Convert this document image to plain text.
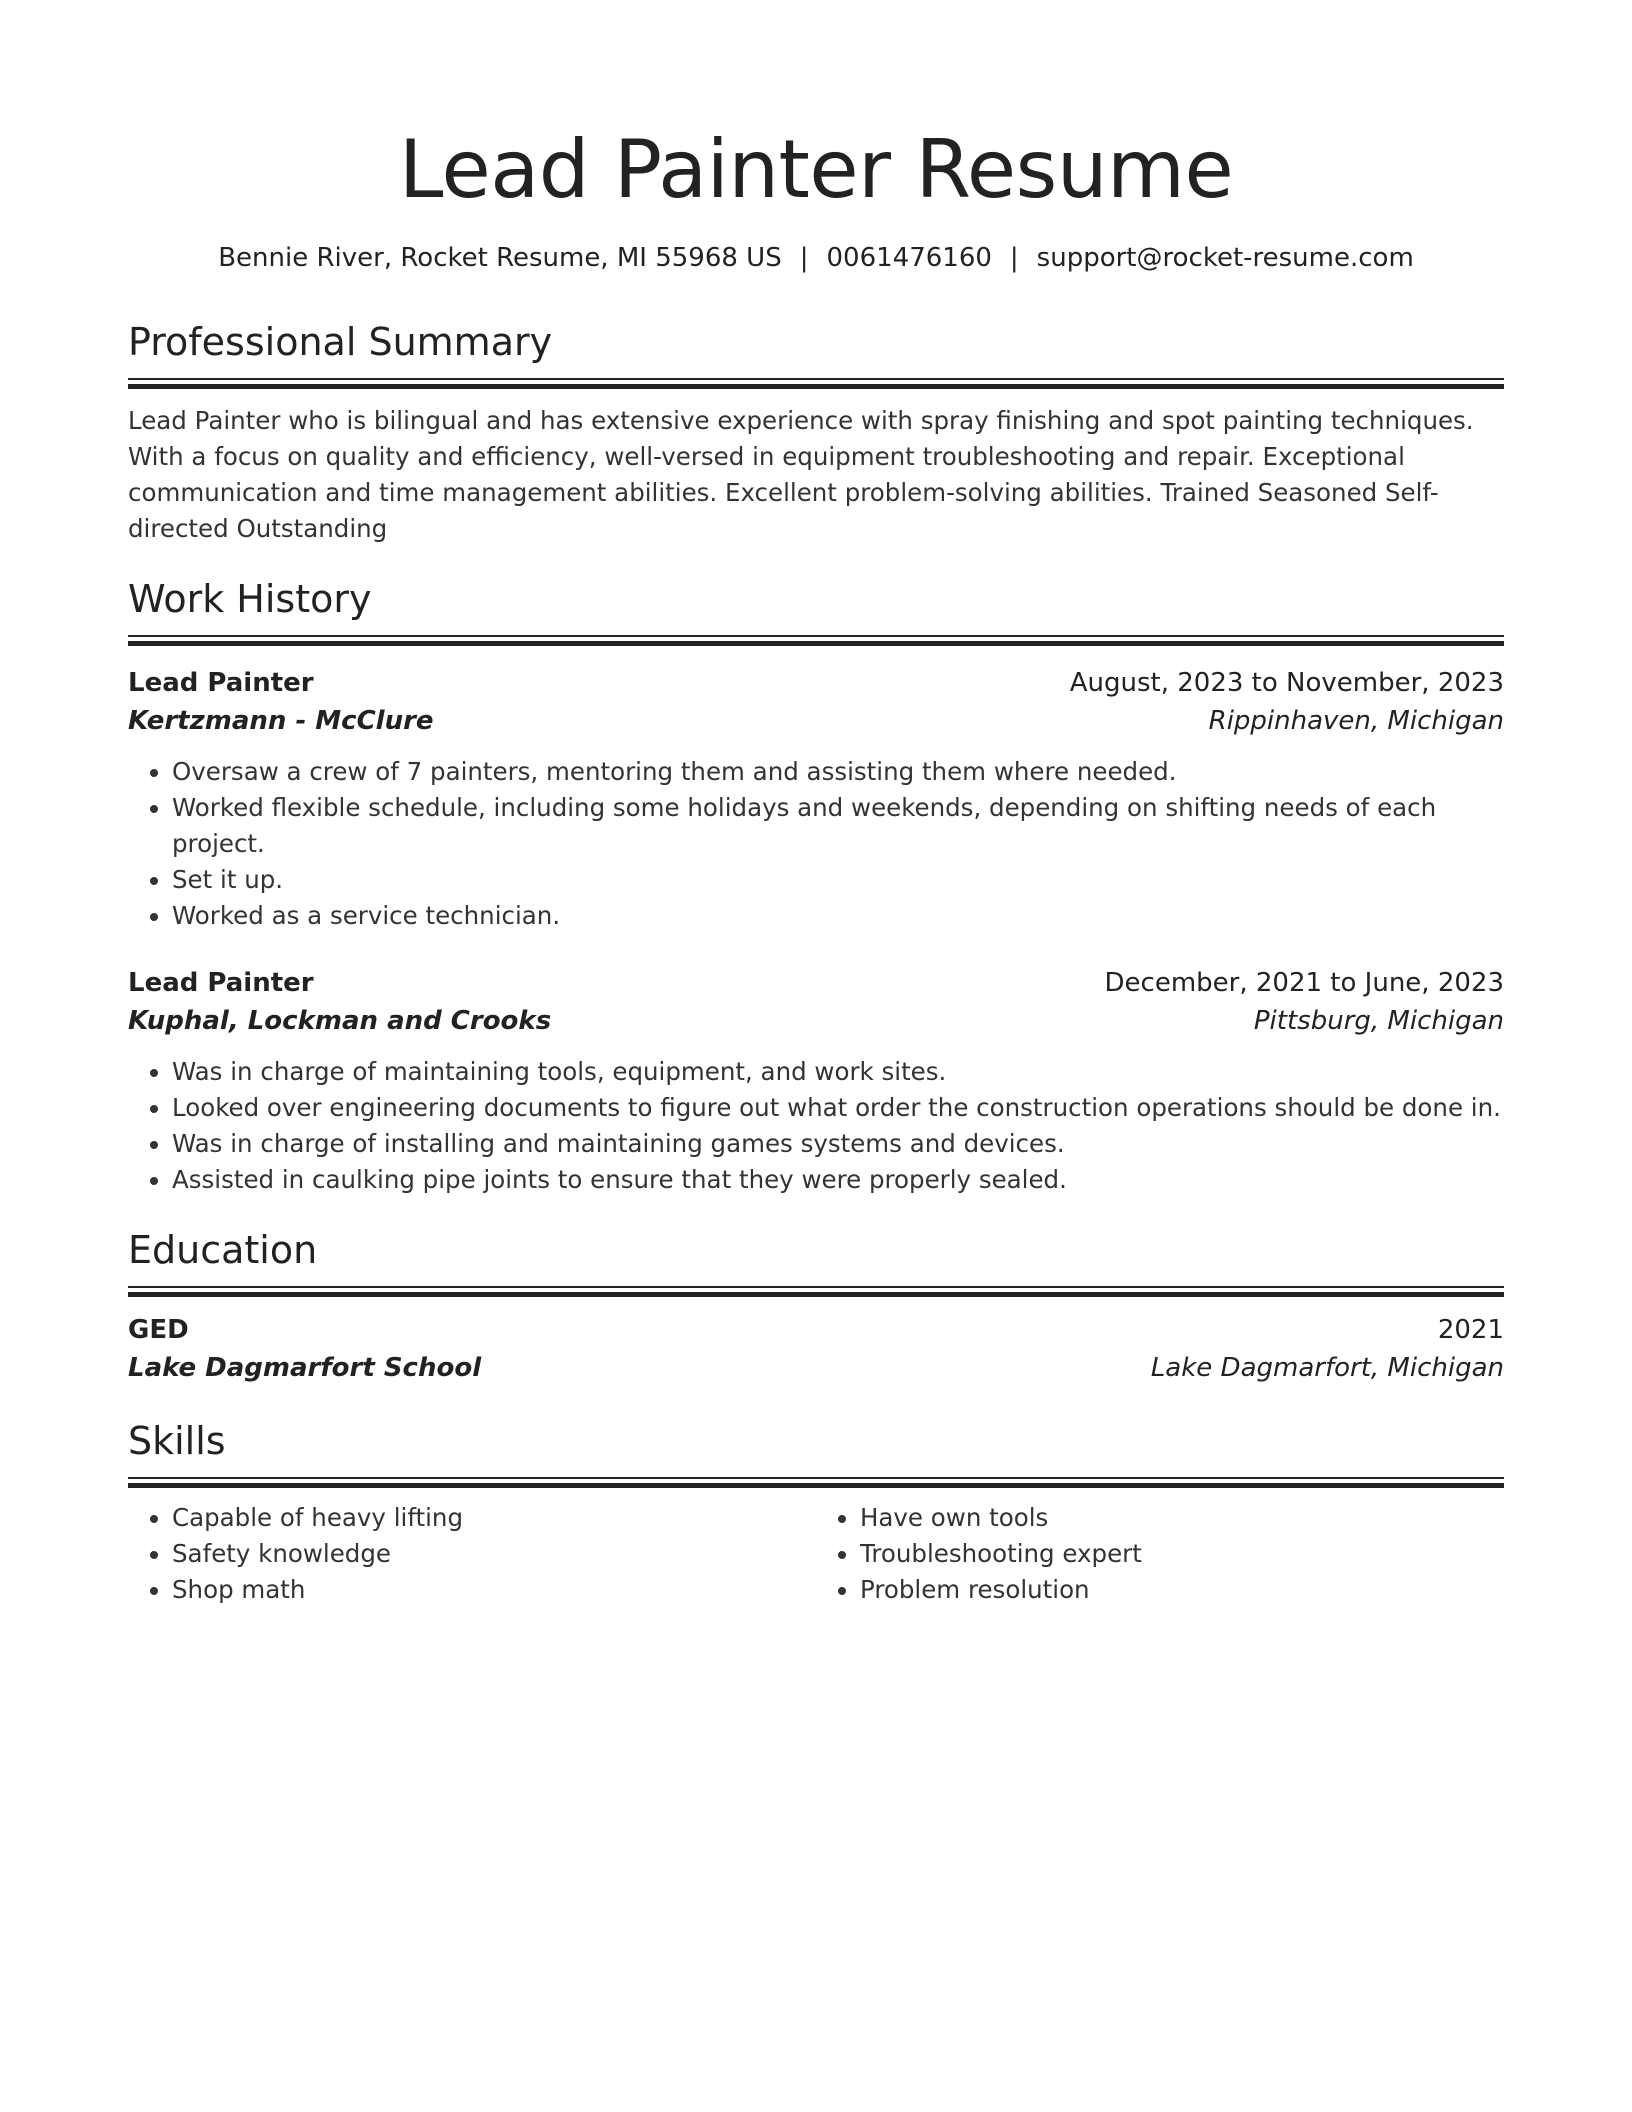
Lead Painter Resume
Bennie River, Rocket Resume, MI 55968 US | 0061476160 | support@rocket-resume.com
Professional Summary

Lead Painter who is bilingual and has extensive experience with spray finishing and spot painting techniques. With a focus on quality and efficiency, well-versed in equipment troubleshooting and repair. Exceptional communication and time management abilities. Excellent problem-solving abilities. Trained Seasoned Self-directed Outstanding

Work History
Lead Painter	August, 2023 to November, 2023
Kertzmann - McClure	Rippinhaven, Michigan
• Oversaw a crew of 7 painters, mentoring them and assisting them where needed.
• Worked flexible schedule, including some holidays and weekends, depending on shifting needs of each project.
• Set it up.
• Worked as a service technician.
Lead Painter	December, 2021 to June, 2023
Kuphal, Lockman and Crooks	Pittsburg, Michigan
• Was in charge of maintaining tools, equipment, and work sites.
• Looked over engineering documents to figure out what order the construction operations should be done in.
• Was in charge of installing and maintaining games systems and devices.
• Assisted in caulking pipe joints to ensure that they were properly sealed.
Education
GED	2021
Lake Dagmarfort School	Lake Dagmarfort, Michigan
Skills
• Capable of heavy lifting
• Safety knowledge
• Shop math
• Have own tools
• Troubleshooting expert
• Problem resolution
